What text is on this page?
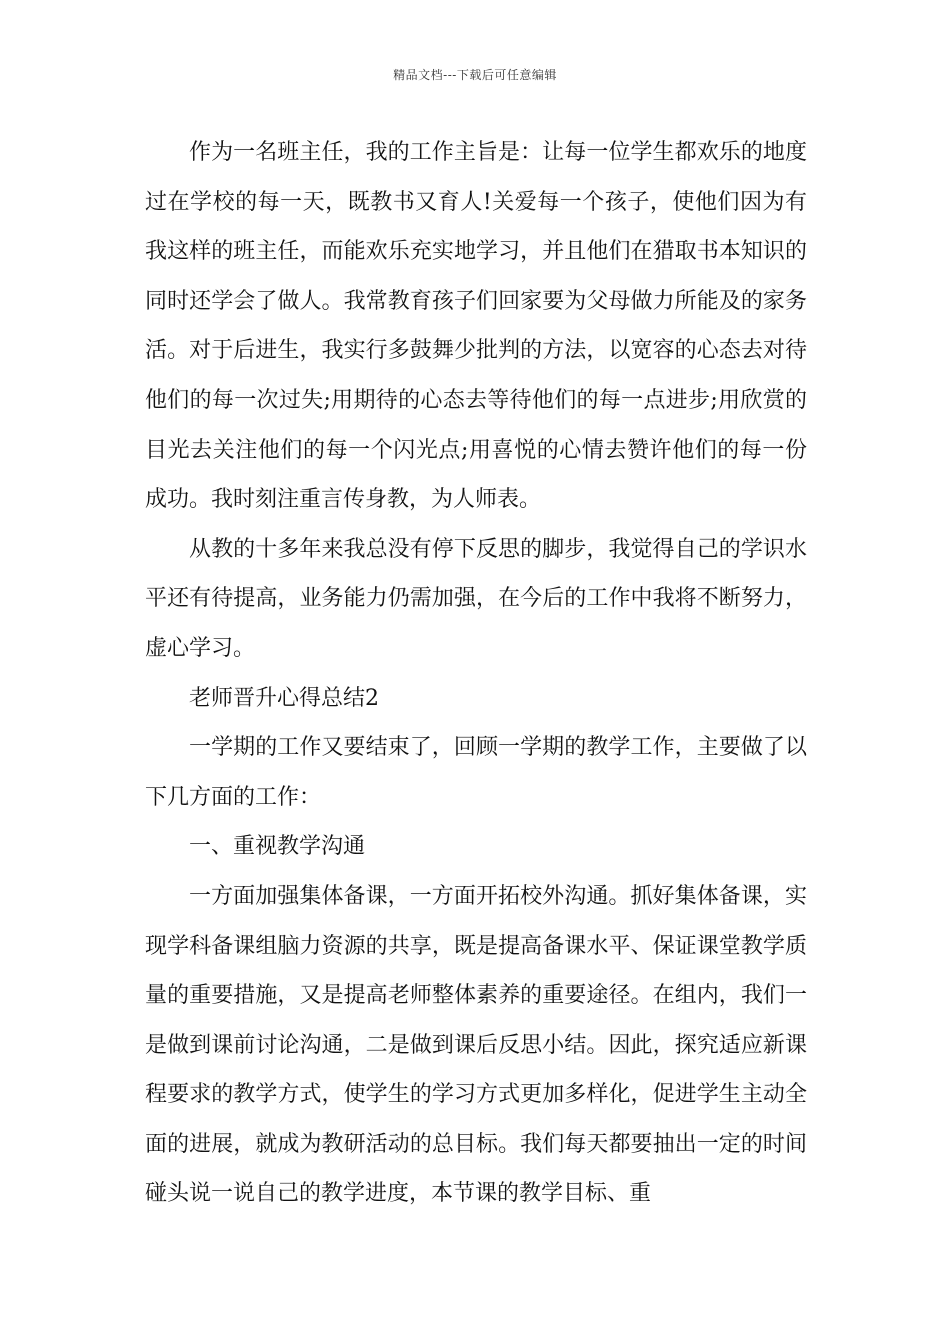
精品文档---下载后可任意编辑

作为一名班主任，我的工作主旨是：让每一位学生都欢乐的地度过在学校的每一天，既教书又育人!关爱每一个孩子，使他们因为有我这样的班主任，而能欢乐充实地学习，并且他们在猎取书本知识的同时还学会了做人。我常教育孩子们回家要为父母做力所能及的家务活。对于后进生，我实行多鼓舞少批判的方法，以宽容的心态去对待他们的每一次过失;用期待的心态去等待他们的每一点进步;用欣赏的目光去关注他们的每一个闪光点;用喜悦的心情去赞许他们的每一份成功。我时刻注重言传身教，为人师表。

从教的十多年来我总没有停下反思的脚步，我觉得自己的学识水平还有待提高，业务能力仍需加强，在今后的工作中我将不断努力，虚心学习。

老师晋升心得总结2

一学期的工作又要结束了，回顾一学期的教学工作，主要做了以下几方面的工作：

一、重视教学沟通

一方面加强集体备课，一方面开拓校外沟通。抓好集体备课，实现学科备课组脑力资源的共享，既是提高备课水平、保证课堂教学质量的重要措施，又是提高老师整体素养的重要途径。在组内，我们一是做到课前讨论沟通，二是做到课后反思小结。因此，探究适应新课程要求的教学方式，使学生的学习方式更加多样化，促进学生主动全面的进展，就成为教研活动的总目标。我们每天都要抽出一定的时间碰头说一说自己的教学进度，本节课的教学目标、重
